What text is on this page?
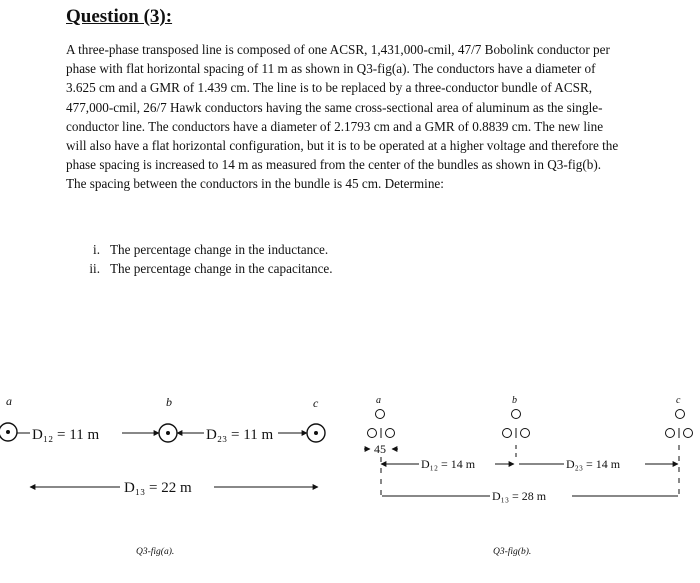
Question (3):
A three-phase transposed line is composed of one ACSR, 1,431,000-cmil, 47/7 Bobolink conductor per phase with flat horizontal spacing of 11 m as shown in Q3-fig(a). The conductors have a diameter of 3.625 cm and a GMR of 1.439 cm. The line is to be replaced by a three-conductor bundle of ACSR, 477,000-cmil, 26/7 Hawk conductors having the same cross-sectional area of aluminum as the single-conductor line. The conductors have a diameter of 2.1793 cm and a GMR of 0.8839 cm. The new line will also have a flat horizontal configuration, but it is to be operated at a higher voltage and therefore the phase spacing is increased to 14 m as measured from the center of the bundles as shown in Q3-fig(b). The spacing between the conductors in the bundle is 45 cm. Determine:
i. The percentage change in the inductance.
ii. The percentage change in the capacitance.
a	b	c
D₁₂ = 11 m	D₂₃ = 11 m
D₁₃ = 22 m
Q3-fig(a).
a	b	c
45
D₁₂ = 14 m	D₂₃ = 14 m
D₁₃ = 28 m
Q3-fig(b).
